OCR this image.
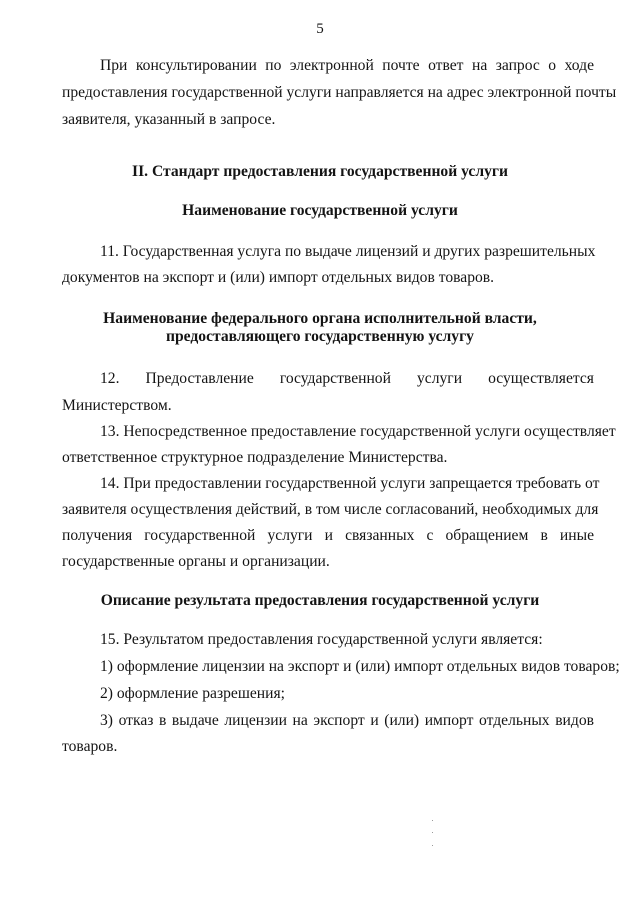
5
При консультировании по электронной почте ответ на запрос о ходе
предоставления государственной услуги направляется на адрес электронной почты
заявителя, указанный в запросе.
II. Стандарт предоставления государственной услуги
Наименование государственной услуги
11. Государственная услуга по выдаче лицензий и других разрешительных
документов на экспорт и (или) импорт отдельных видов товаров.
Наименование федерального органа исполнительной власти,
предоставляющего государственную услугу
12. Предоставление государственной услуги осуществляется
Министерством.
13. Непосредственное предоставление государственной услуги осуществляет
ответственное структурное подразделение Министерства.
14. При предоставлении государственной услуги запрещается требовать от
заявителя осуществления действий, в том числе согласований, необходимых для
получения государственной услуги и связанных с обращением в иные
государственные органы и организации.
Описание результата предоставления государственной услуги
15. Результатом предоставления государственной услуги является:
1) оформление лицензии на экспорт и (или) импорт отдельных видов товаров;
2) оформление разрешения;
3) отказ в выдаче лицензии на экспорт и (или) импорт отдельных видов
товаров.
